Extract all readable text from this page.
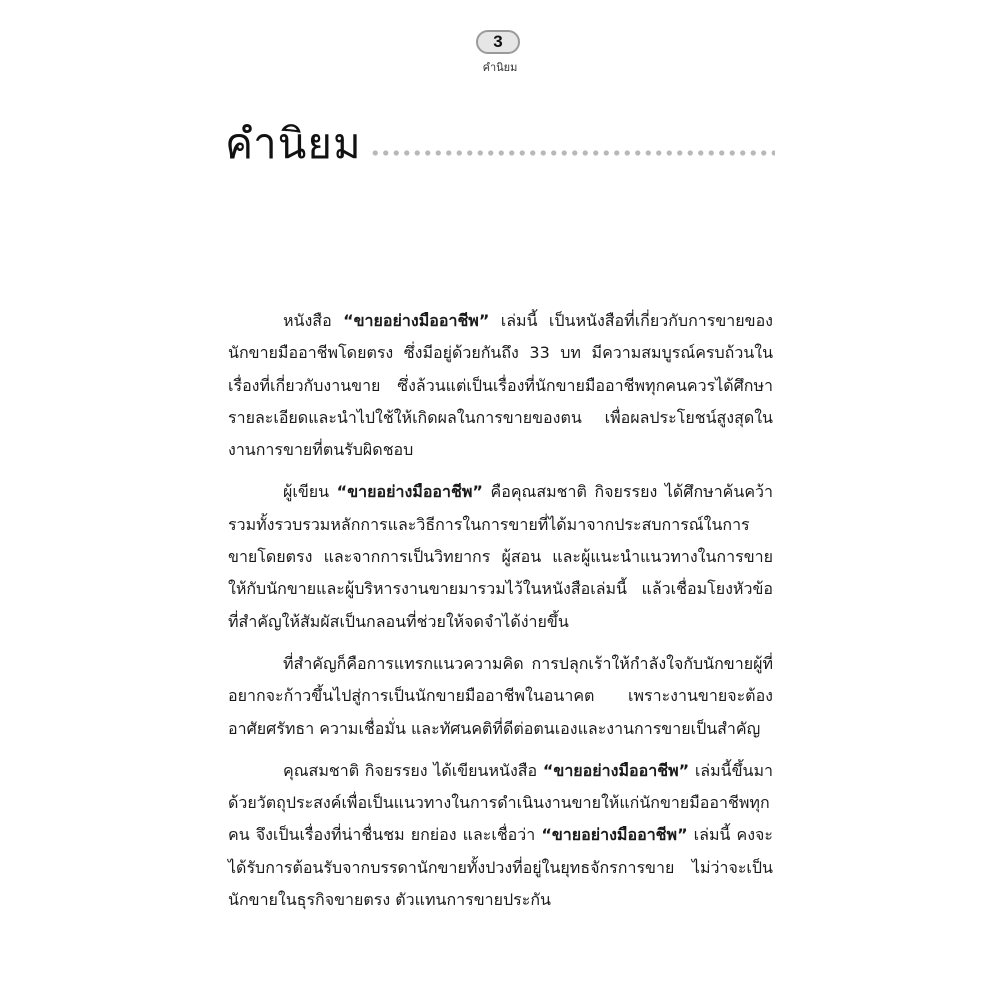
3
คำนิยม
คำนิยม

หนังสือ “ขายอย่างมืออาชีพ” เล่มนี้ เป็นหนังสือที่เกี่ยวกับการขายของนักขายมืออาชีพโดยตรง ซึ่งมีอยู่ด้วยกันถึง 33 บท มีความสมบูรณ์ครบถ้วนในเรื่องที่เกี่ยวกับงานขาย ซึ่งล้วนแต่เป็นเรื่องที่นักขายมืออาชีพทุกคนควรได้ศึกษารายละเอียดและนำไปใช้ให้เกิดผลในการขายของตน เพื่อผลประโยชน์สูงสุดในงานการขายที่ตนรับผิดชอบ

ผู้เขียน “ขายอย่างมืออาชีพ” คือคุณสมชาติ กิจยรรยง ได้ศึกษาค้นคว้า รวมทั้งรวบรวมหลักการและวิธีการในการขายที่ได้มาจากประสบการณ์ในการขายโดยตรง และจากการเป็นวิทยากร ผู้สอน และผู้แนะนำแนวทางในการขายให้กับนักขายและผู้บริหารงานขายมารวมไว้ในหนังสือเล่มนี้ แล้วเชื่อมโยงหัวข้อที่สำคัญให้สัมผัสเป็นกลอนที่ช่วยให้จดจำได้ง่ายขึ้น

ที่สำคัญก็คือการแทรกแนวความคิด การปลุกเร้าให้กำลังใจกับนักขายผู้ที่อยากจะก้าวขึ้นไปสู่การเป็นนักขายมืออาชีพในอนาคต เพราะงานขายจะต้องอาศัยศรัทธา ความเชื่อมั่น และทัศนคติที่ดีต่อตนเองและงานการขายเป็นสำคัญ

คุณสมชาติ กิจยรรยง ได้เขียนหนังสือ “ขายอย่างมืออาชีพ” เล่มนี้ขึ้นมา ด้วยวัตถุประสงค์เพื่อเป็นแนวทางในการดำเนินงานขายให้แก่นักขายมืออาชีพทุกคน จึงเป็นเรื่องที่น่าชื่นชม ยกย่อง และเชื่อว่า “ขายอย่างมืออาชีพ” เล่มนี้ คงจะได้รับการต้อนรับจากบรรดานักขายทั้งปวงที่อยู่ในยุทธจักรการขาย ไม่ว่าจะเป็นนักขายในธุรกิจขายตรง ตัวแทนการขายประกัน
